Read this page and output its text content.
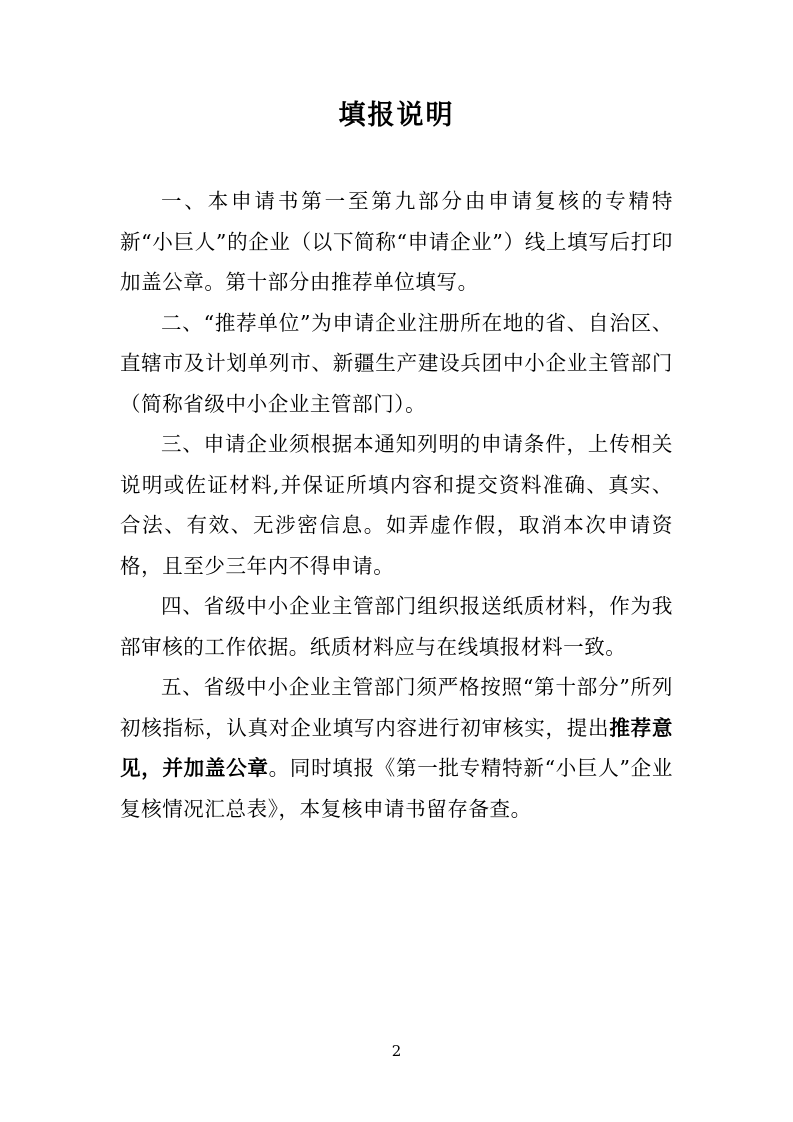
填报说明

一、本申请书第一至第九部分由申请复核的专精特新“小巨人”的企业（以下简称“申请企业”）线上填写后打印加盖公章。第十部分由推荐单位填写。

二、“推荐单位”为申请企业注册所在地的省、自治区、直辖市及计划单列市、新疆生产建设兵团中小企业主管部门（简称省级中小企业主管部门）。

三、申请企业须根据本通知列明的申请条件，上传相关说明或佐证材料,并保证所填内容和提交资料准确、真实、合法、有效、无涉密信息。如弄虚作假，取消本次申请资格，且至少三年内不得申请。

四、省级中小企业主管部门组织报送纸质材料，作为我部审核的工作依据。纸质材料应与在线填报材料一致。

五、省级中小企业主管部门须严格按照“第十部分”所列初核指标，认真对企业填写内容进行初审核实，提出推荐意见，并加盖公章。同时填报《第一批专精特新“小巨人”企业复核情况汇总表》，本复核申请书留存备查。

2
